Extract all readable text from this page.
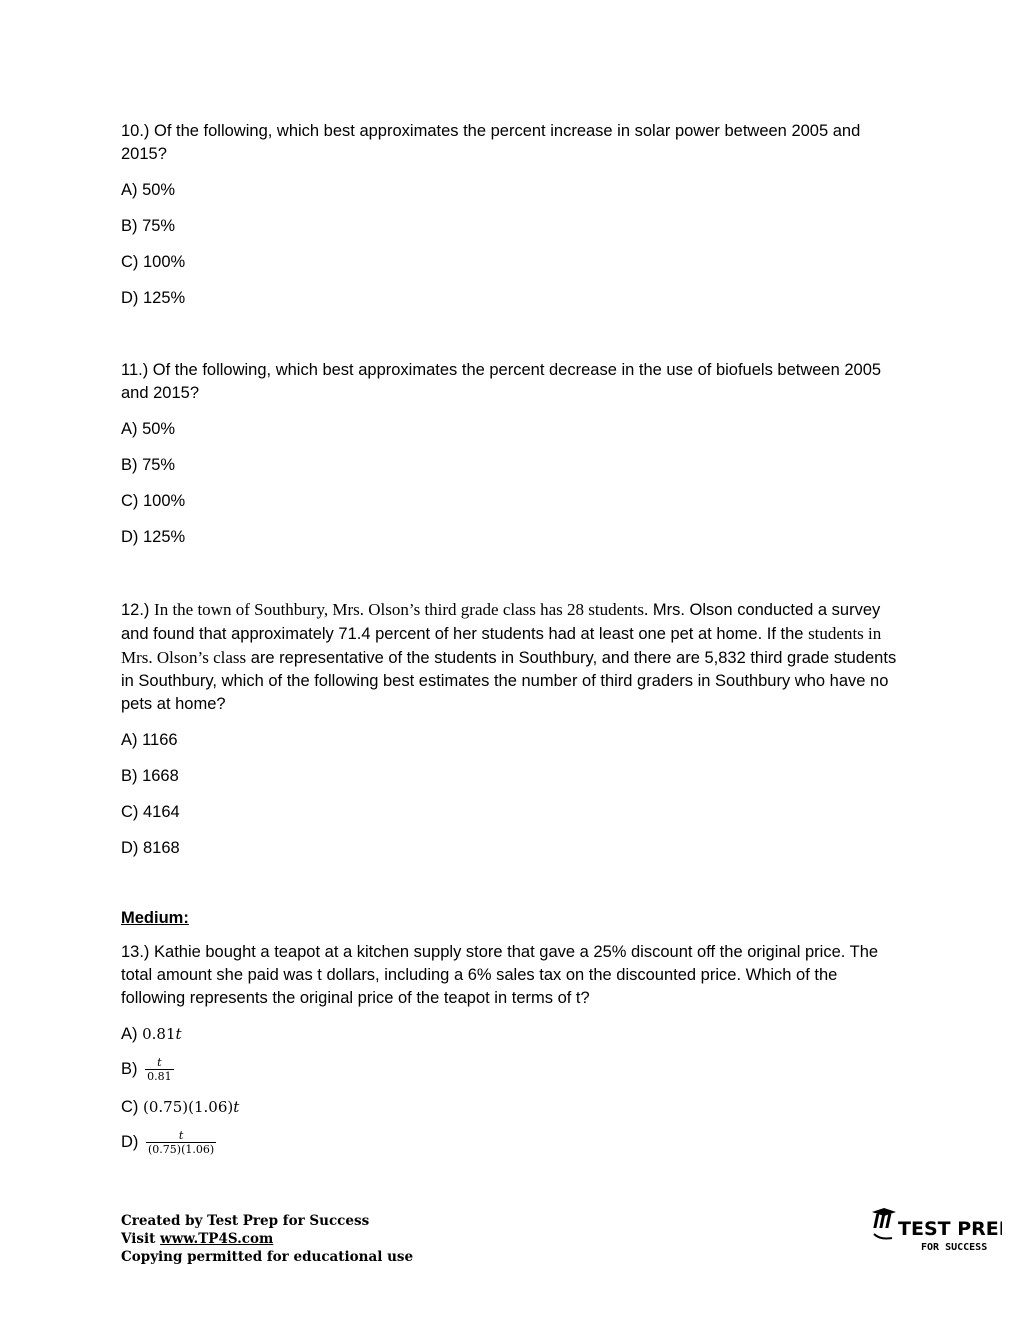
10.) Of the following, which best approximates the percent increase in solar power between 2005 and 2015?

A) 50%

B) 75%

C) 100%

D) 125%

11.) Of the following, which best approximates the percent decrease in the use of biofuels between 2005 and 2015?

A) 50%

B) 75%

C) 100%

D) 125%

12.) In the town of Southbury, Mrs. Olson’s third grade class has 28 students. Mrs. Olson conducted a survey and found that approximately 71.4 percent of her students had at least one pet at home. If the students in Mrs. Olson’s class are representative of the students in Southbury, and there are 5,832 third grade students in Southbury, which of the following best estimates the number of third graders in Southbury who have no pets at home?

A) 1166

B) 1668

C) 4164

D) 8168

Medium:

13.) Kathie bought a teapot at a kitchen supply store that gave a 25% discount off the original price. The total amount she paid was t dollars, including a 6% sales tax on the discounted price. Which of the following represents the original price of the teapot in terms of t?

A) 0.81t

$B) \frac{t}{0.81}$

C) (0.75)(1.06)t

$D) \frac{t}{(0.75)(1.06)}$

Created by Test Prep for Success
Visit www.TP4S.com
Copying permitted for educational use
TEST PREP
FOR SUCCESS
